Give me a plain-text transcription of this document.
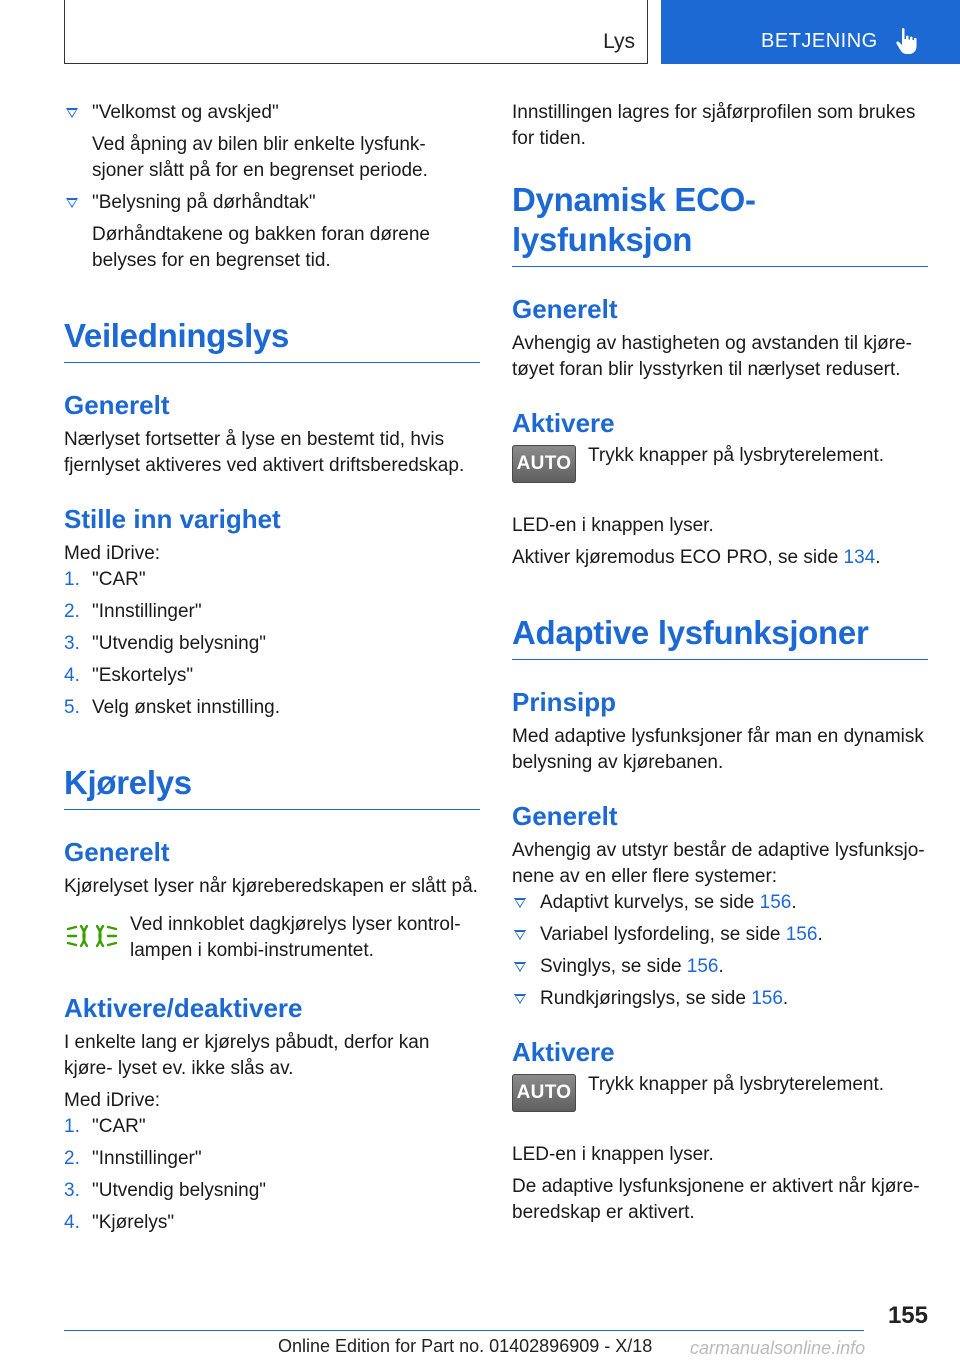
Lys	BETJENING
"Velkomst og avskjed"
Ved åpning av bilen blir enkelte lysfunk- sjoner slått på for en begrenset periode.
"Belysning på dørhåndtak"
Dørhåndtakene og bakken foran dørene belyses for en begrenset tid.
Veiledningslys
Generelt

Nærlyset fortsetter å lyse en bestemt tid, hvis fjernlyset aktiveres ved aktivert driftsberedskap.

Stille inn varighet

Med iDrive:

1. "CAR"
2. "Innstillinger"
3. "Utvendig belysning"
4. "Eskortelys"
5. Velg ønsket innstilling.
Kjørelys
Generelt

Kjørelyset lyser når kjøreberedskapen er slått på.

Ved innkoblet dagkjørelys lyser kontrol- lampen i kombi-instrumentet.

Aktivere/deaktivere

I enkelte lang er kjørelys påbudt, derfor kan kjøre- lyset ev. ikke slås av.

Med iDrive:

1. "CAR"
2. "Innstillinger"
3. "Utvendig belysning"
4. "Kjørelys"

Innstillingen lagres for sjåførprofilen som brukes for tiden.

Dynamisk ECO-lysfunksjon
Generelt

Avhengig av hastigheten og avstanden til kjøre- tøyet foran blir lysstyrken til nærlyset redusert.

Aktivere
AUTO Trykk knapper på lysbryterelement.

LED-en i knappen lyser.

Aktiver kjøremodus ECO PRO, se side 134.

Adaptive lysfunksjoner
Prinsipp

Med adaptive lysfunksjoner får man en dynamisk belysning av kjørebanen.

Generelt

Avhengig av utstyr består de adaptive lysfunksjo- nene av en eller flere systemer:

Adaptivt kurvelys, se side 156.
Variabel lysfordeling, se side 156.
Svinglys, se side 156.
Rundkjøringslys, se side 156.
Aktivere
AUTO Trykk knapper på lysbryterelement.

LED-en i knappen lyser.

De adaptive lysfunksjonene er aktivert når kjøre- beredskap er aktivert.

155
Online Edition for Part no. 01402896909 - X/18 carmanualsonline.info
